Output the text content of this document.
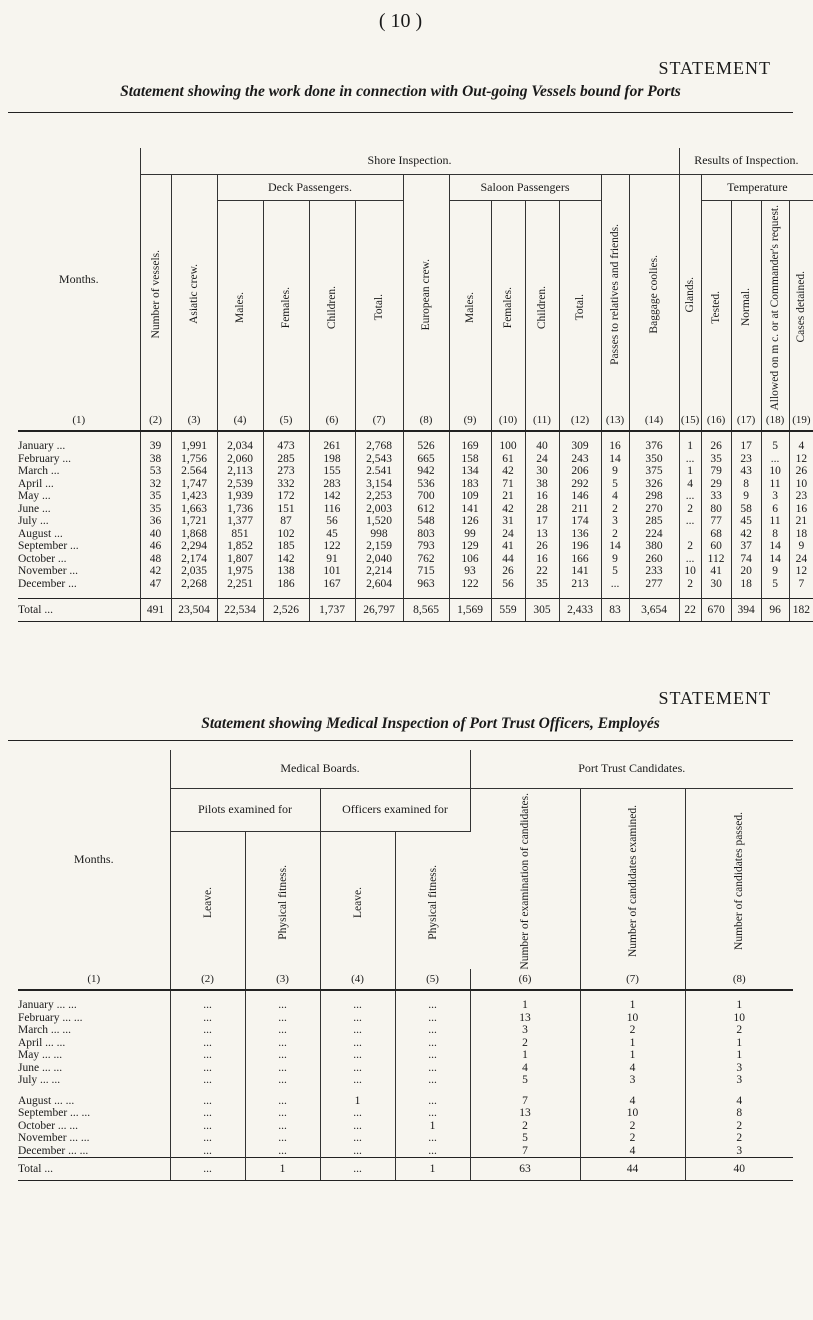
( 10 )
STATEMENT
Statement showing the work done in connection with Out-going Vessels bound for Ports
Months.	Shore Inspection.													Results of Inspection.				

	Number of vessels.	Asiatic crew.	Deck Passengers.				European crew.	Saloon Passengers				Passes to relatives and friends.	Baggage coolies.	Glands.	Temperature			

			Males.	Females.	Children.	Total.		Males.	Females.	Children.	Total.				Tested.	Normal.	Allowed on m c. or at Commander's request.	Cases detained.

(1)	(2)	(3)	(4)	(5)	(6)	(7)	(8)	(9)	(10)	(11)	(12)	(13)	(14)	(15)	(16)	(17)	(18)	(19)

January ...	39	1,991	2,034	473	261	2,768	526	169	100	40	309	16	376	1	26	17	5	4
February ...	38	1,756	2,060	285	198	2,543	665	158	61	24	243	14	350	...	35	23	...	12
March ...	53	2.564	2,113	273	155	2.541	942	134	42	30	206	9	375	1	79	43	10	26
April ...	32	1,747	2,539	332	283	3,154	536	183	71	38	292	5	326	4	29	8	11	10
May ...	35	1,423	1,939	172	142	2,253	700	109	21	16	146	4	298	...	33	9	3	23
June ...	35	1,663	1,736	151	116	2,003	612	141	42	28	211	2	270	2	80	58	6	16
July ...	36	1,721	1,377	87	56	1,520	548	126	31	17	174	3	285	...	77	45	11	21
August ...	40	1,868	851	102	45	998	803	99	24	13	136	2	224		68	42	8	18
September ...	46	2,294	1,852	185	122	2,159	793	129	41	26	196	14	380	2	60	37	14	9
October ...	48	2,174	1,807	142	91	2,040	762	106	44	16	166	9	260	...	112	74	14	24
November ...	42	2,035	1,975	138	101	2,214	715	93	26	22	141	5	233	10	41	20	9	12
December ...	47	2,268	2,251	186	167	2,604	963	122	56	35	213	...	277	2	30	18	5	7

Total ...	491	23,504	22,534	2,526	1,737	26,797	8,565	1,569	559	305	2,433	83	3,654	22	670	394	96	182
STATEMENT
Statement showing Medical Inspection of Port Trust Officers, Employés
Months.	Medical Boards.				Port Trust Candidates.		
	Pilots examined for		Officers examined for		Number of examination of candidates.	Number of candidates examined.	Number of candidates passed.

	Leave.	Physical fitness.	Leave.	Physical fitness.			

(1)	(2)	(3)	(4)	(5)	(6)	(7)	(8)

January ... ...	...	...	...	...	1	1	1
February ... ...	...	...	...	...	13	10	10
March ... ...	...	...	...	...	3	2	2
April ... ...	...	...	...	...	2	1	1
May ... ...	...	...	...	...	1	1	1
June ... ...	...	...	...	...	4	4	3
July ... ...	...	...	...	...	5	3	3

August ... ...	...	...	1	...	7	4	4
September ... ...	...	...	...	...	13	10	8
October ... ...	...	...	...	1	2	2	2
November ... ...	...	...	...	...	5	2	2
December ... ...	...	...	...	...	7	4	3
Total ...	...	1	...	1	63	44	40
